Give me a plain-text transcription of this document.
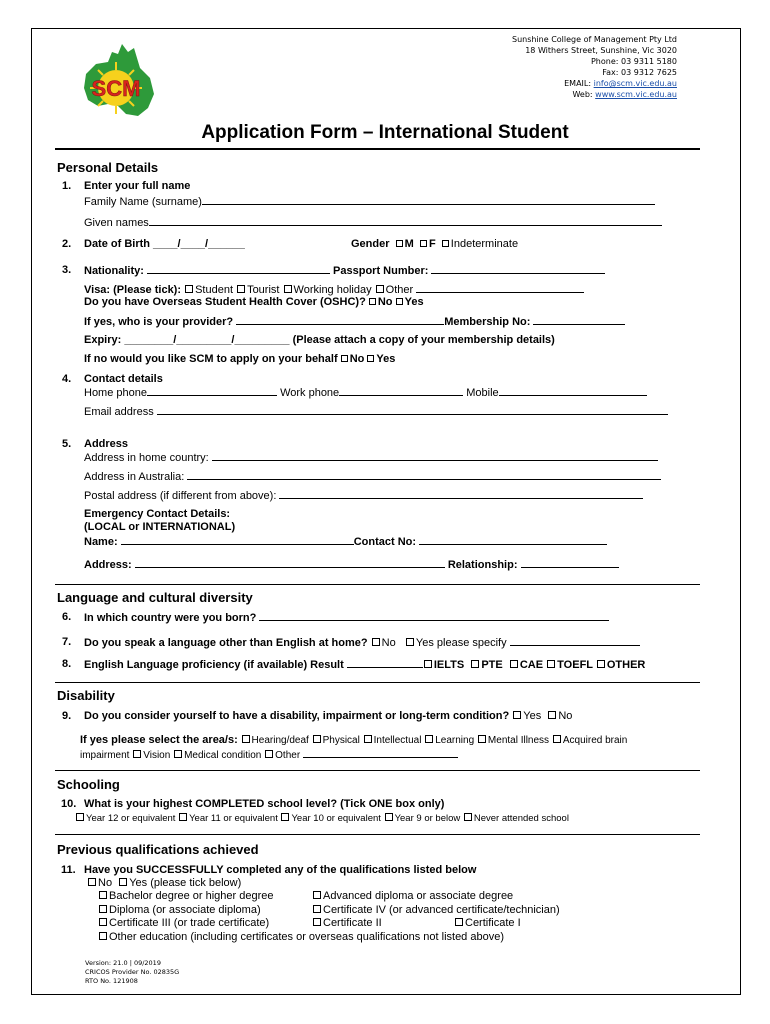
SCM
Sunshine College of Management Pty Ltd
18 Withers Street, Sunshine, Vic 3020
Phone: 03 9311 5180
Fax: 03 9312 7625
EMAIL: info@scm.vic.edu.au
Web: www.scm.vic.edu.au
Application Form – International Student
Personal Details
1. Enter your full name
Family Name (surname)
Given names
2. Date of Birth ____/____/______	Gender M F Indeterminate
3. Nationality:	Passport Number:
Visa: (Please tick): Student Tourist Working holiday Other
Do you have Overseas Student Health Cover (OSHC)? No Yes
If yes, who is your provider?	Membership No:
Expiry: ________/_________/_________ (Please attach a copy of your membership details)
If no would you like SCM to apply on your behalf No Yes
4. Contact details
Home phone	Work phone	Mobile
Email address
5. Address
Address in home country:
Address in Australia:
Postal address (if different from above):
Emergency Contact Details:
(LOCAL or INTERNATIONAL)
Name:	Contact No:
Address:	Relationship:
Language and cultural diversity
6. In which country were you born?
7. Do you speak a language other than English at home? No Yes please specify
8. English Language proficiency (if available) Result	IELTS PTE CAE TOEFL OTHER
Disability
9. Do you consider yourself to have a disability, impairment or long-term condition? Yes No
If yes please select the area/s: Hearing/deaf Physical Intellectual Learning Mental Illness Acquired brain
impairment Vision Medical condition Other
Schooling
10. What is your highest COMPLETED school level? (Tick ONE box only)
Year 12 or equivalent Year 11 or equivalent Year 10 or equivalent Year 9 or below Never attended school
Previous qualifications achieved
11. Have you SUCCESSFULLY completed any of the qualifications listed below
No Yes (please tick below)
Bachelor degree or higher degree	Advanced diploma or associate degree
Diploma (or associate diploma)	Certificate IV (or advanced certificate/technician)
Certificate III (or trade certificate)	Certificate II	Certificate I
Other education (including certificates or overseas qualifications not listed above)
Version: 21.0 | 09/2019
CRICOS Provider No. 02835G
RTO No. 121908
